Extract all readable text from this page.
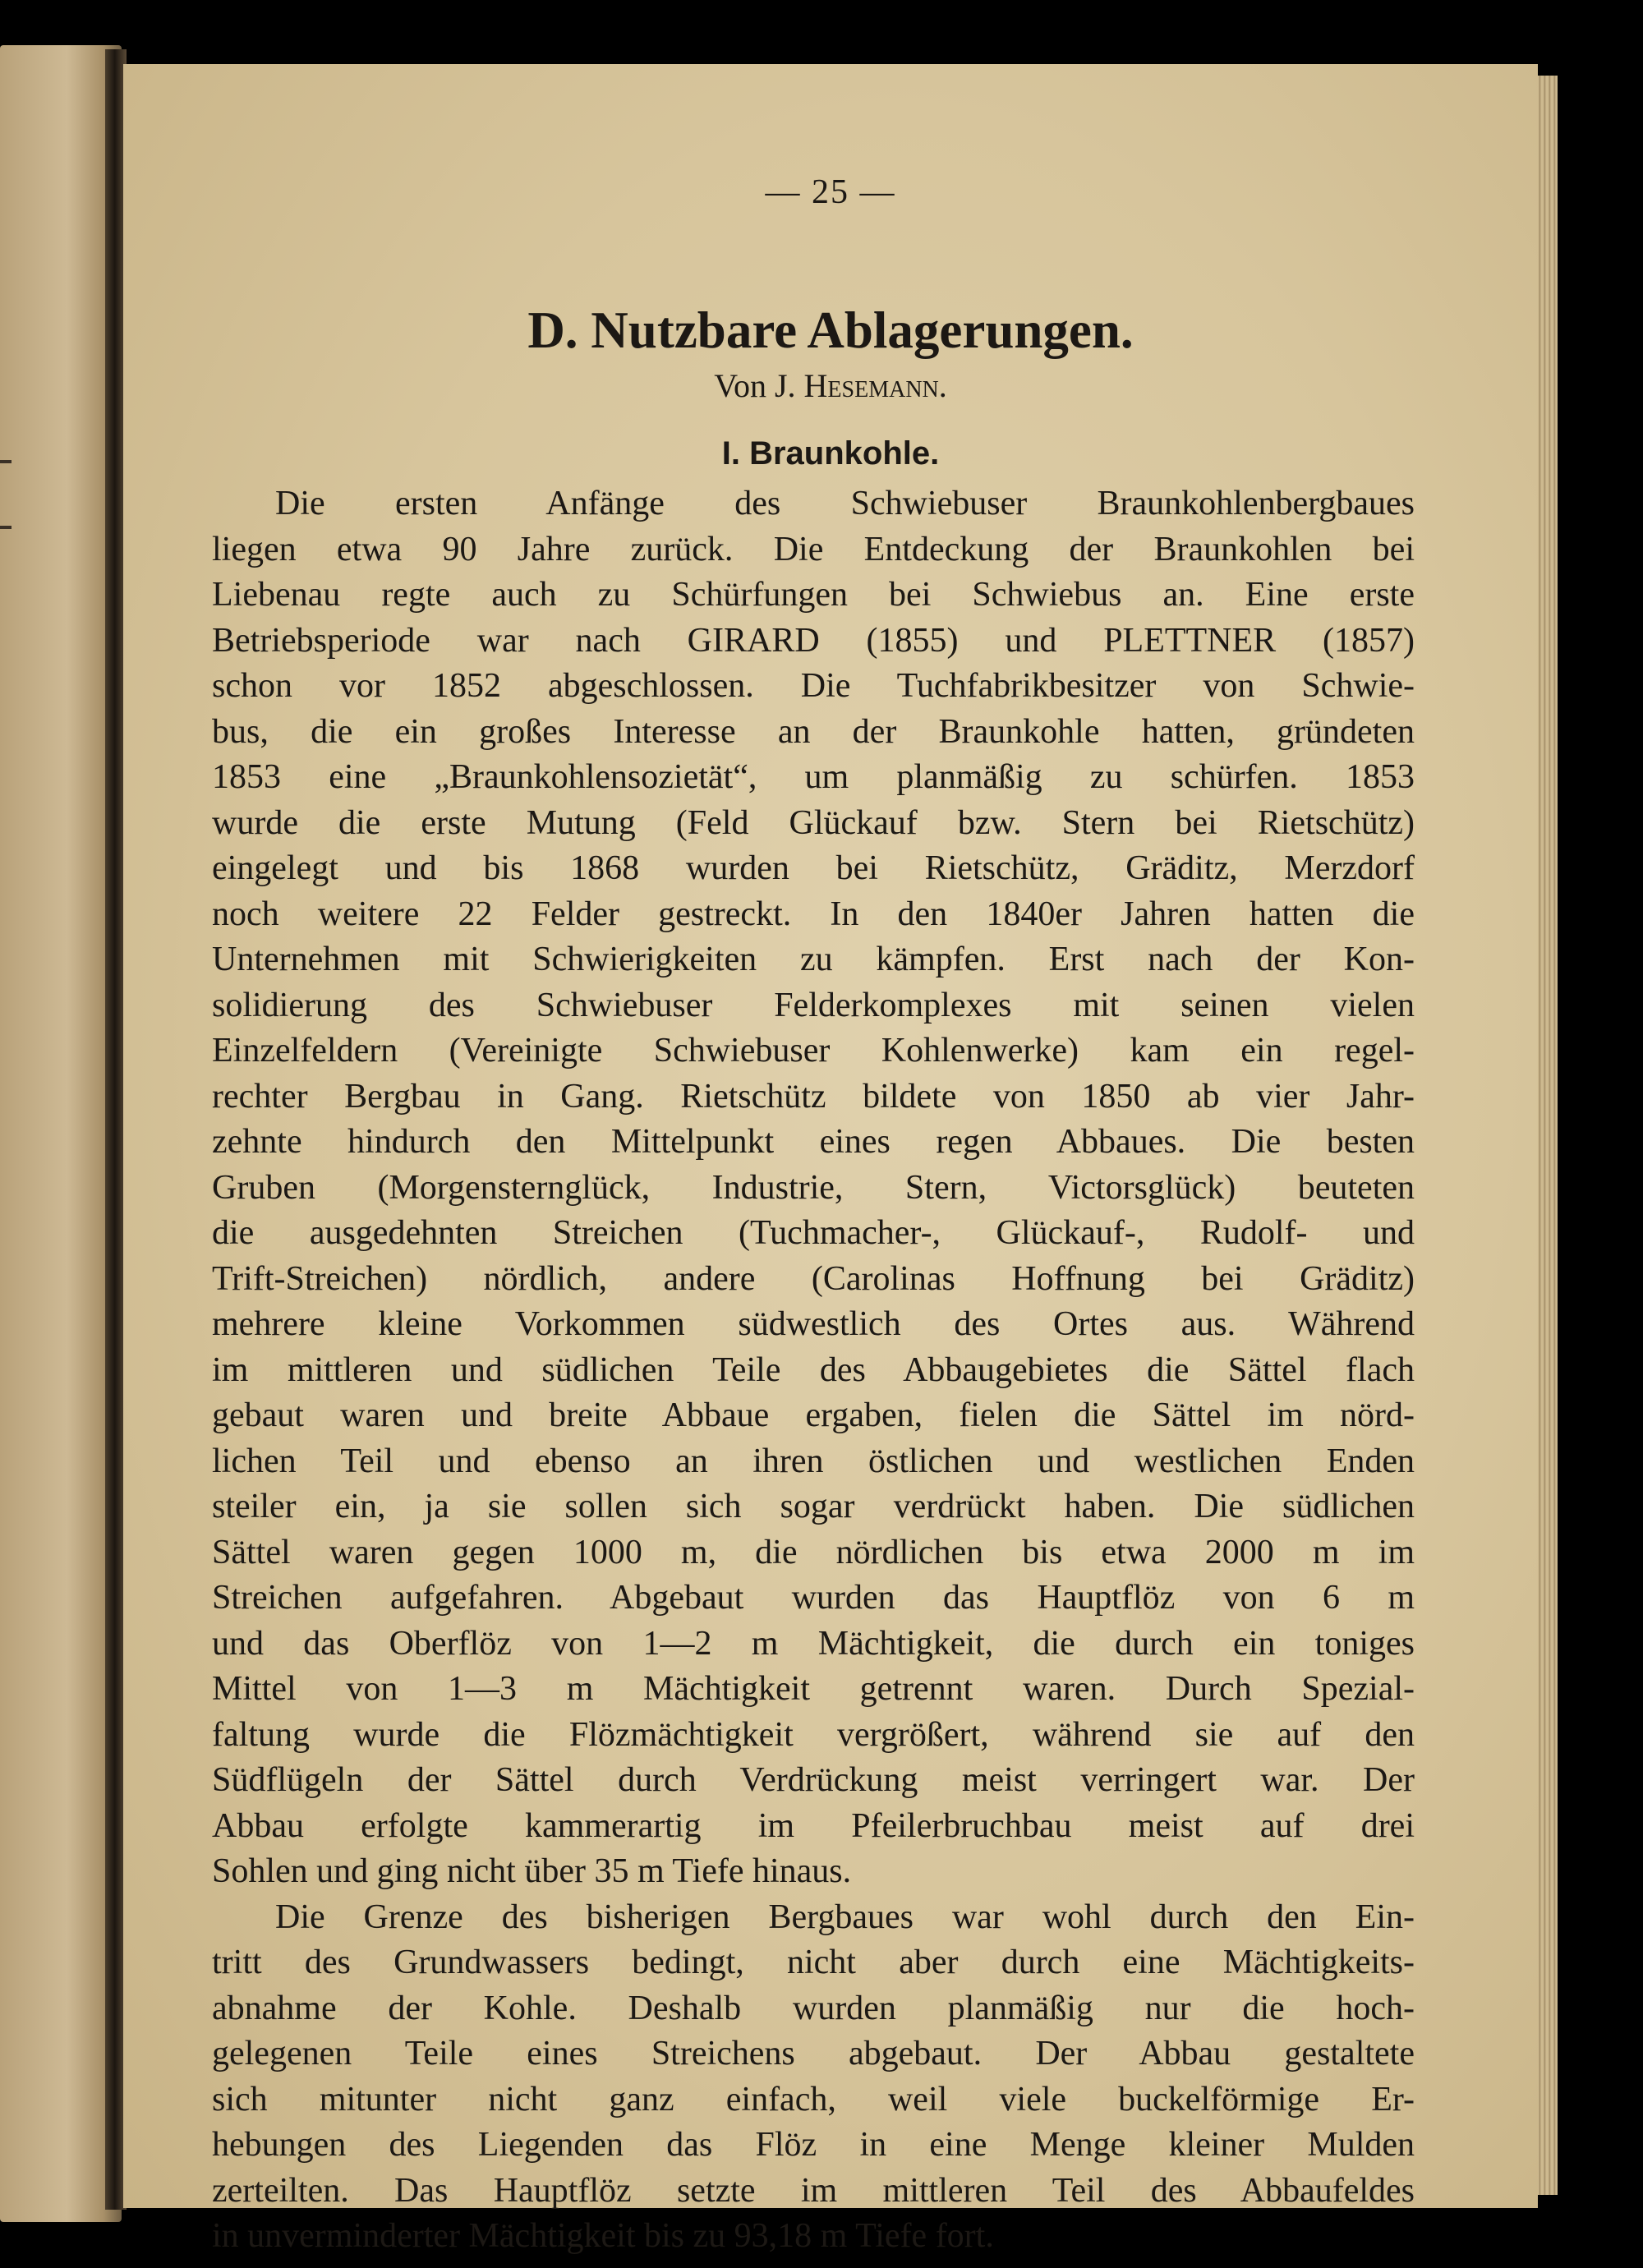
— 25 —
D. Nutzbare Ablagerungen.
Von J. Hesemann.
I. Braunkohle.
Die ersten Anfänge des Schwiebuser Braunkohlenbergbaues
liegen etwa 90 Jahre zurück. Die Entdeckung der Braunkohlen bei
Liebenau regte auch zu Schürfungen bei Schwiebus an. Eine erste
Betriebsperiode war nach GIRARD (1855) und PLETTNER (1857)
schon vor 1852 abgeschlossen. Die Tuchfabrikbesitzer von Schwie-
bus, die ein großes Interesse an der Braunkohle hatten, gründeten
1853 eine „Braunkohlensozietät“, um planmäßig zu schürfen. 1853
wurde die erste Mutung (Feld Glückauf bzw. Stern bei Rietschütz)
eingelegt und bis 1868 wurden bei Rietschütz, Gräditz, Merzdorf
noch weitere 22 Felder gestreckt. In den 1840er Jahren hatten die
Unternehmen mit Schwierigkeiten zu kämpfen. Erst nach der Kon-
solidierung des Schwiebuser Felderkomplexes mit seinen vielen
Einzelfeldern (Vereinigte Schwiebuser Kohlenwerke) kam ein regel-
rechter Bergbau in Gang. Rietschütz bildete von 1850 ab vier Jahr-
zehnte hindurch den Mittelpunkt eines regen Abbaues. Die besten
Gruben (Morgensternglück, Industrie, Stern, Victorsglück) beuteten
die ausgedehnten Streichen (Tuchmacher-, Glückauf-, Rudolf- und
Trift-Streichen) nördlich, andere (Carolinas Hoffnung bei Gräditz)
mehrere kleine Vorkommen südwestlich des Ortes aus. Während
im mittleren und südlichen Teile des Abbaugebietes die Sättel flach
gebaut waren und breite Abbaue ergaben, fielen die Sättel im nörd-
lichen Teil und ebenso an ihren östlichen und westlichen Enden
steiler ein, ja sie sollen sich sogar verdrückt haben. Die südlichen
Sättel waren gegen 1000 m, die nördlichen bis etwa 2000 m im
Streichen aufgefahren. Abgebaut wurden das Hauptflöz von 6 m
und das Oberflöz von 1—2 m Mächtigkeit, die durch ein toniges
Mittel von 1—3 m Mächtigkeit getrennt waren. Durch Spezial-
faltung wurde die Flözmächtigkeit vergrößert, während sie auf den
Südflügeln der Sättel durch Verdrückung meist verringert war. Der
Abbau erfolgte kammerartig im Pfeilerbruchbau meist auf drei
Sohlen und ging nicht über 35 m Tiefe hinaus.
Die Grenze des bisherigen Bergbaues war wohl durch den Ein-
tritt des Grundwassers bedingt, nicht aber durch eine Mächtigkeits-
abnahme der Kohle. Deshalb wurden planmäßig nur die hoch-
gelegenen Teile eines Streichens abgebaut. Der Abbau gestaltete
sich mitunter nicht ganz einfach, weil viele buckelförmige Er-
hebungen des Liegenden das Flöz in eine Menge kleiner Mulden
zerteilten. Das Hauptflöz setzte im mittleren Teil des Abbaufeldes
in unverminderter Mächtigkeit bis zu 93,18 m Tiefe fort.
